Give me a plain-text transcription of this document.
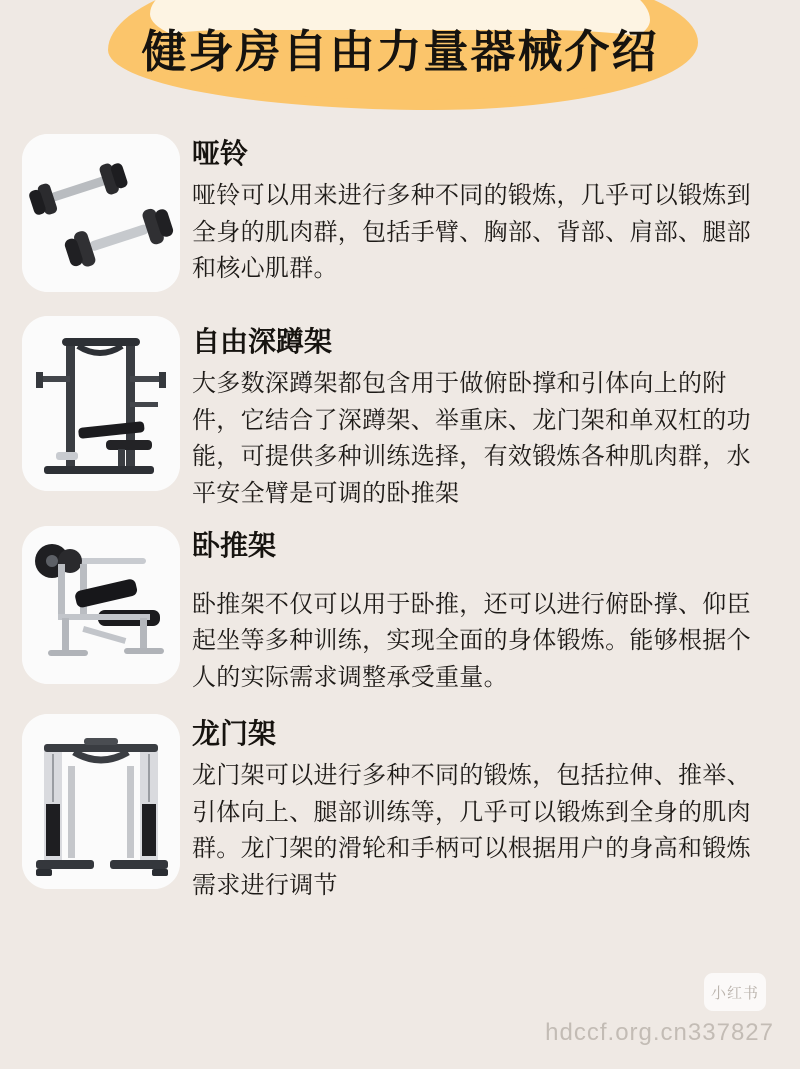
健身房自由力量器械介绍
哑铃

哑铃可以用来进行多种不同的锻炼，几乎可以锻炼到全身的肌肉群，包括手臂、胸部、背部、肩部、腿部和核心肌群。

自由深蹲架

大多数深蹲架都包含用于做俯卧撑和引体向上的附件，它结合了深蹲架、举重床、龙门架和单双杠的功能，可提供多种训练选择，有效锻炼各种肌肉群，水平安全臂是可调的卧推架

卧推架

卧推架不仅可以用于卧推，还可以进行俯卧撑、仰臣起坐等多种训练，实现全面的身体锻炼。能够根据个人的实际需求调整承受重量。

龙门架

龙门架可以进行多种不同的锻炼，包括拉伸、推举、引体向上、腿部训练等，几乎可以锻炼到全身的肌肉群。龙门架的滑轮和手柄可以根据用户的身高和锻炼需求进行调节

小红书
hdccf.org.cn337827
